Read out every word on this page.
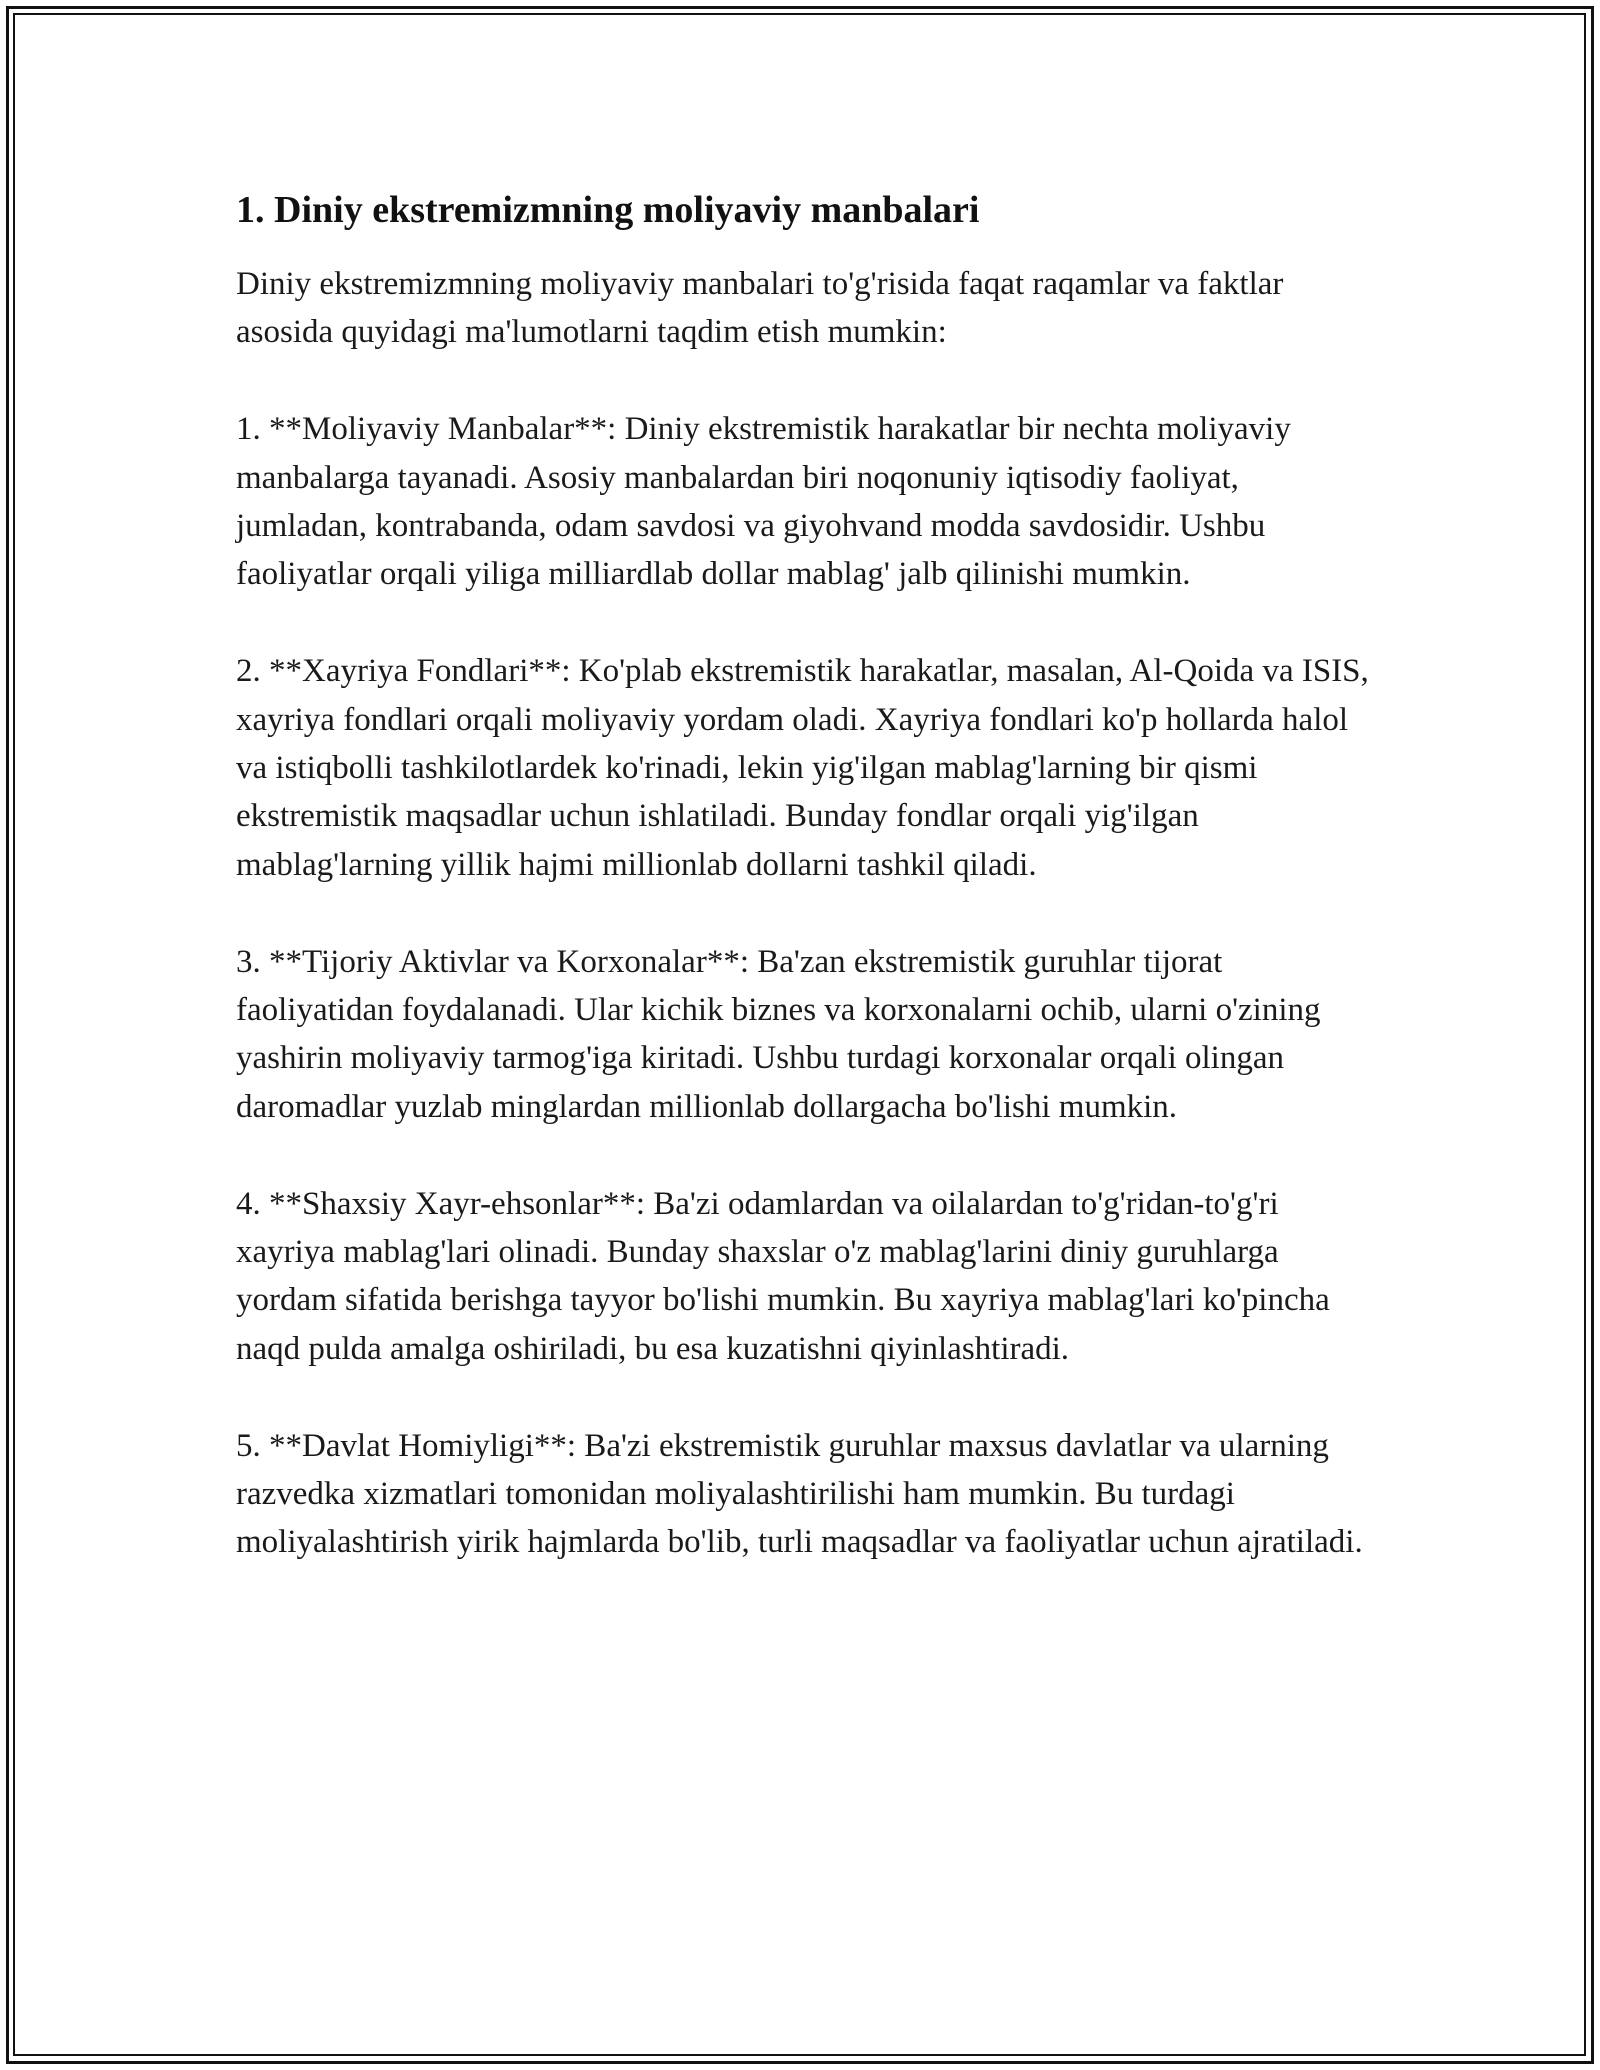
1. Diniy ekstremizmning moliyaviy manbalari

Diniy ekstremizmning moliyaviy manbalari to'g'risida faqat raqamlar va faktlar asosida quyidagi ma'lumotlarni taqdim etish mumkin:

1. **Moliyaviy Manbalar**: Diniy ekstremistik harakatlar bir nechta moliyaviy manbalarga tayanadi. Asosiy manbalardan biri noqonuniy iqtisodiy faoliyat, jumladan, kontrabanda, odam savdosi va giyohvand modda savdosidir. Ushbu faoliyatlar orqali yiliga milliardlab dollar mablag' jalb qilinishi mumkin.

2. **Xayriya Fondlari**: Ko'plab ekstremistik harakatlar, masalan, Al-Qoida va ISIS, xayriya fondlari orqali moliyaviy yordam oladi. Xayriya fondlari ko'p hollarda halol va istiqbolli tashkilotlardek ko'rinadi, lekin yig'ilgan mablag'larning bir qismi ekstremistik maqsadlar uchun ishlatiladi. Bunday fondlar orqali yig'ilgan mablag'larning yillik hajmi millionlab dollarni tashkil qiladi.

3. **Tijoriy Aktivlar va Korxonalar**: Ba'zan ekstremistik guruhlar tijorat faoliyatidan foydalanadi. Ular kichik biznes va korxonalarni ochib, ularni o'zining yashirin moliyaviy tarmog'iga kiritadi. Ushbu turdagi korxonalar orqali olingan daromadlar yuzlab minglardan millionlab dollargacha bo'lishi mumkin.

4. **Shaxsiy Xayr-ehsonlar**: Ba'zi odamlardan va oilalardan to'g'ridan-to'g'ri xayriya mablag'lari olinadi. Bunday shaxslar o'z mablag'larini diniy guruhlarga yordam sifatida berishga tayyor bo'lishi mumkin. Bu xayriya mablag'lari ko'pincha naqd pulda amalga oshiriladi, bu esa kuzatishni qiyinlashtiradi.

5. **Davlat Homiyligi**: Ba'zi ekstremistik guruhlar maxsus davlatlar va ularning razvedka xizmatlari tomonidan moliyalashtirilishi ham mumkin. Bu turdagi moliyalashtirish yirik hajmlarda bo'lib, turli maqsadlar va faoliyatlar uchun ajratiladi.
